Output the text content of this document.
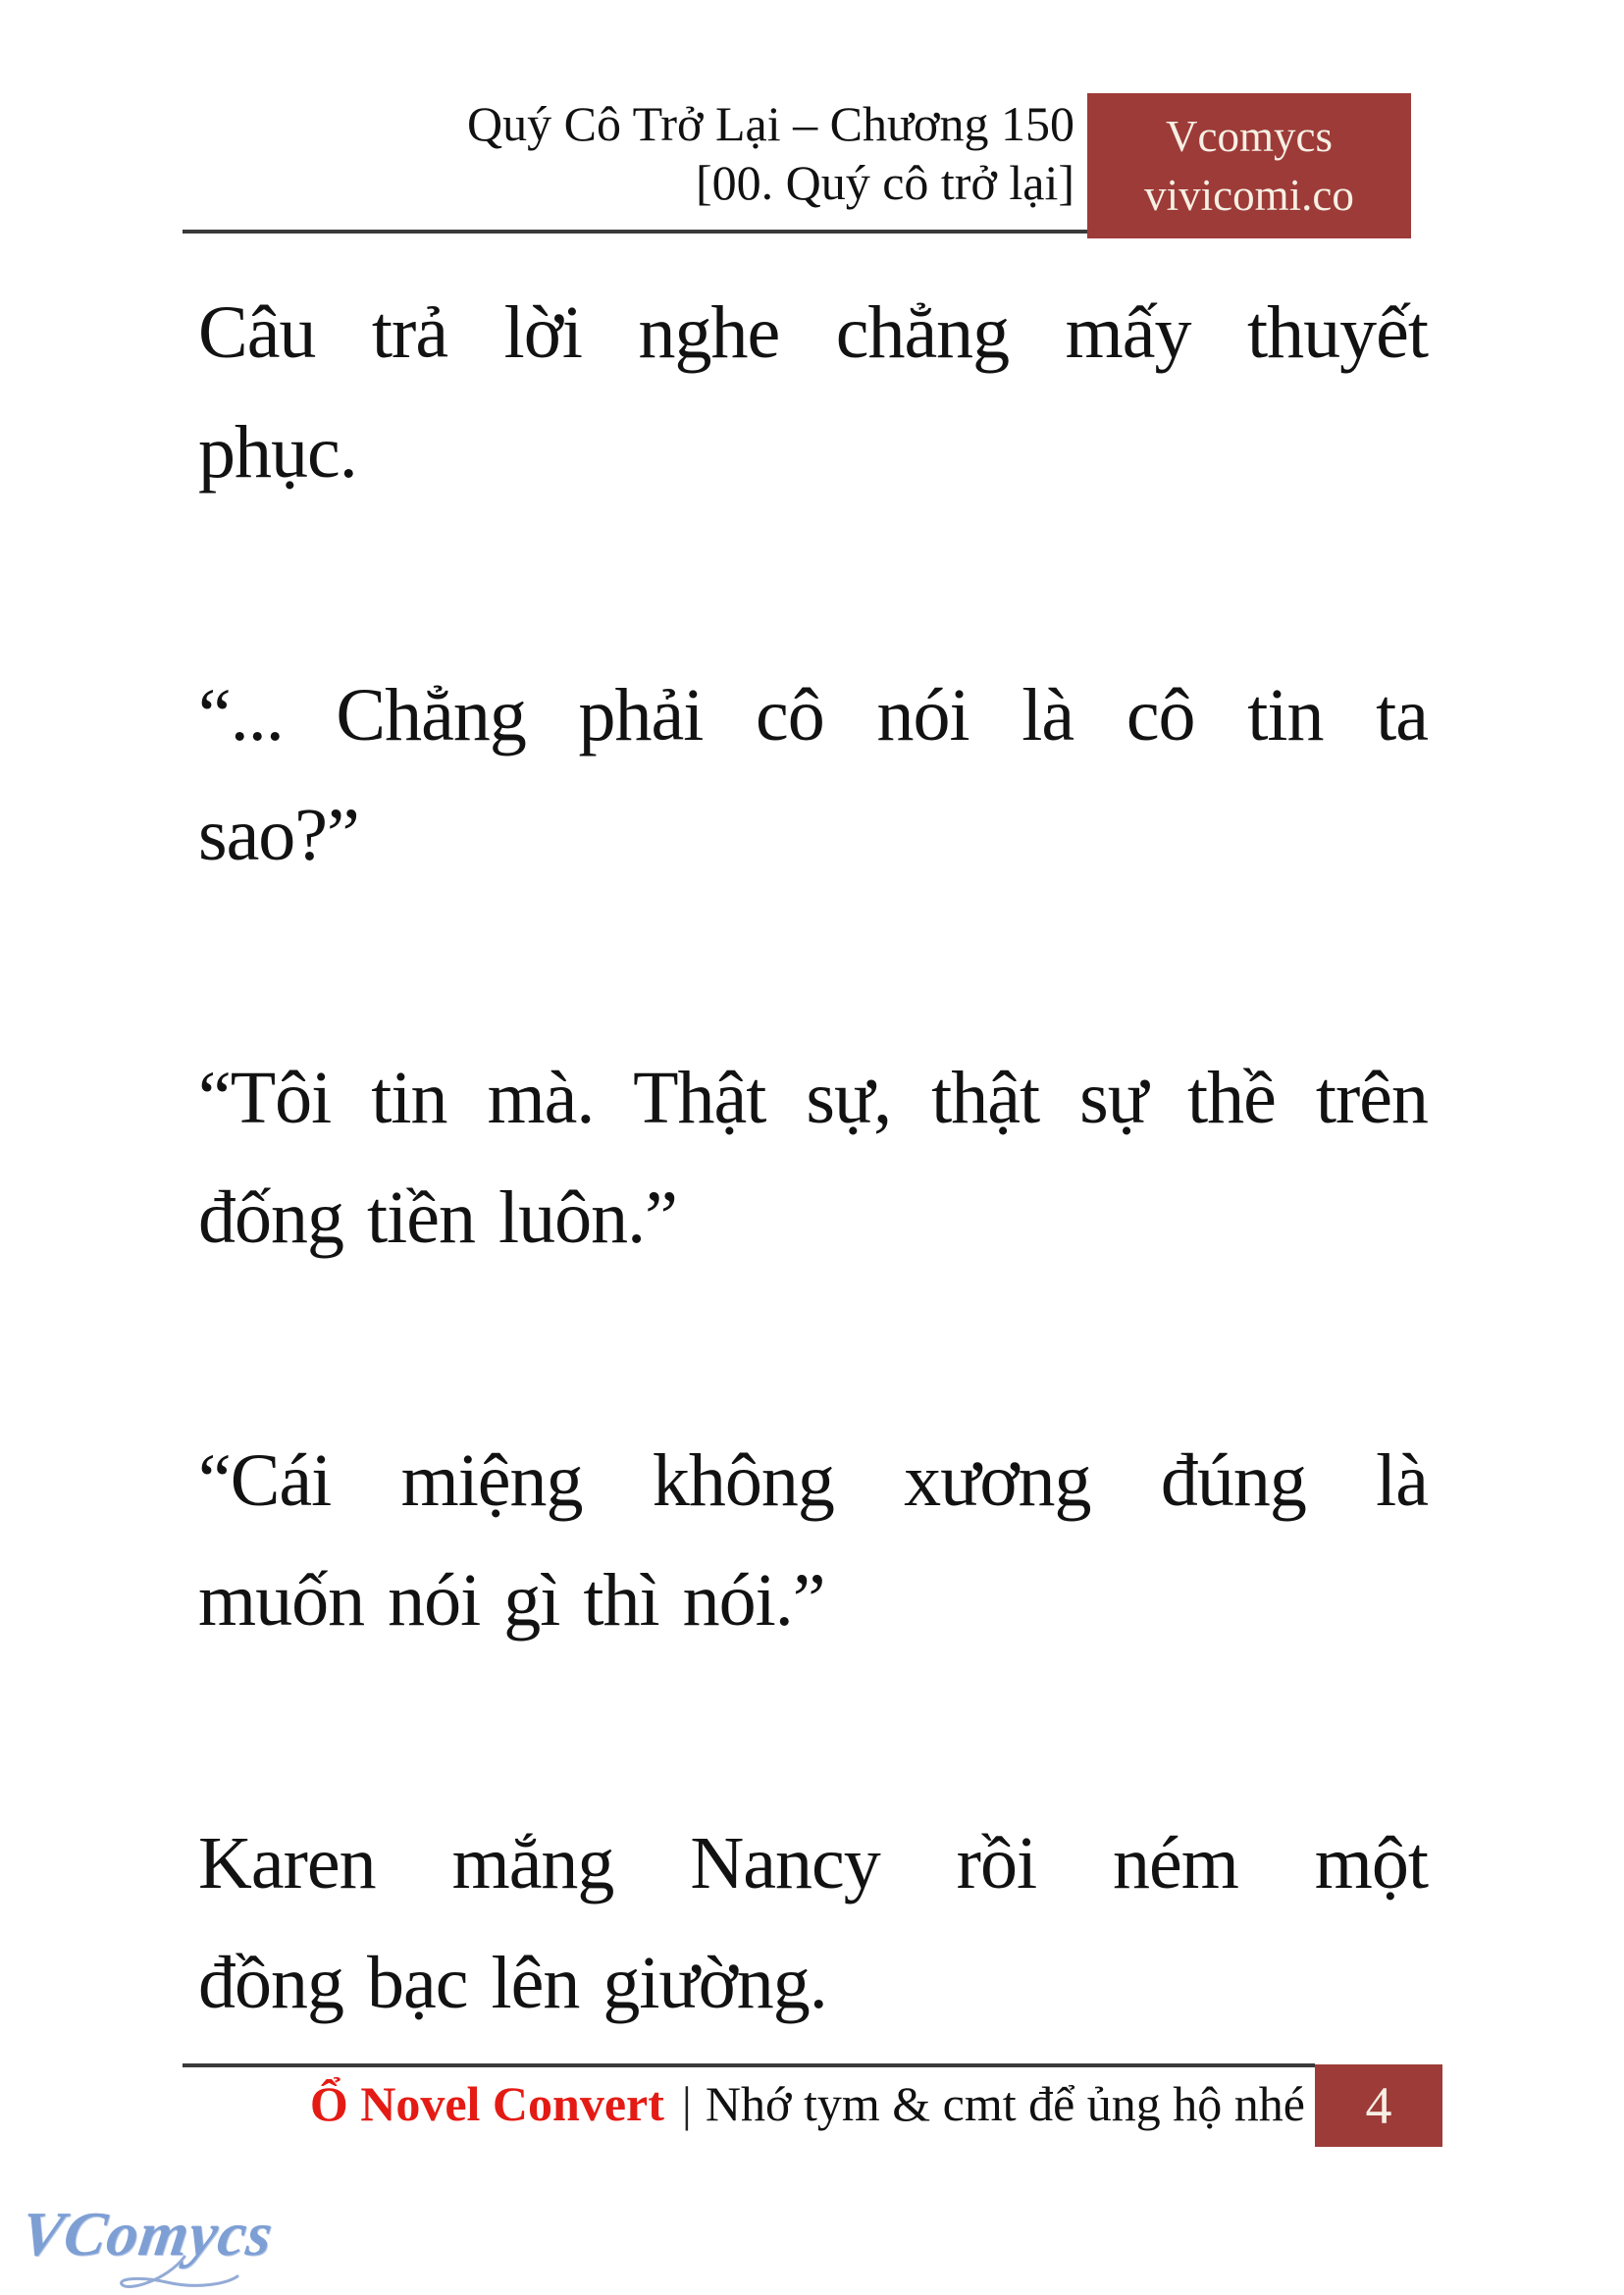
Quý Cô Trở Lại – Chương 150
[00. Quý cô trở lại]
Vcomycs
vivicomi.co
Câu trả lời nghe chẳng mấy thuyết
phục.
“... Chẳng phải cô nói là cô tin ta
sao?”
“Tôi tin mà. Thật sự, thật sự thề trên
đống tiền luôn.”
“Cái miệng không xương đúng là
muốn nói gì thì nói.”
Karen mắng Nancy rồi ném một
đồng bạc lên giường.
Ổ Novel Convert | Nhớ tym & cmt để ủng hộ nhé 4
VComycs
